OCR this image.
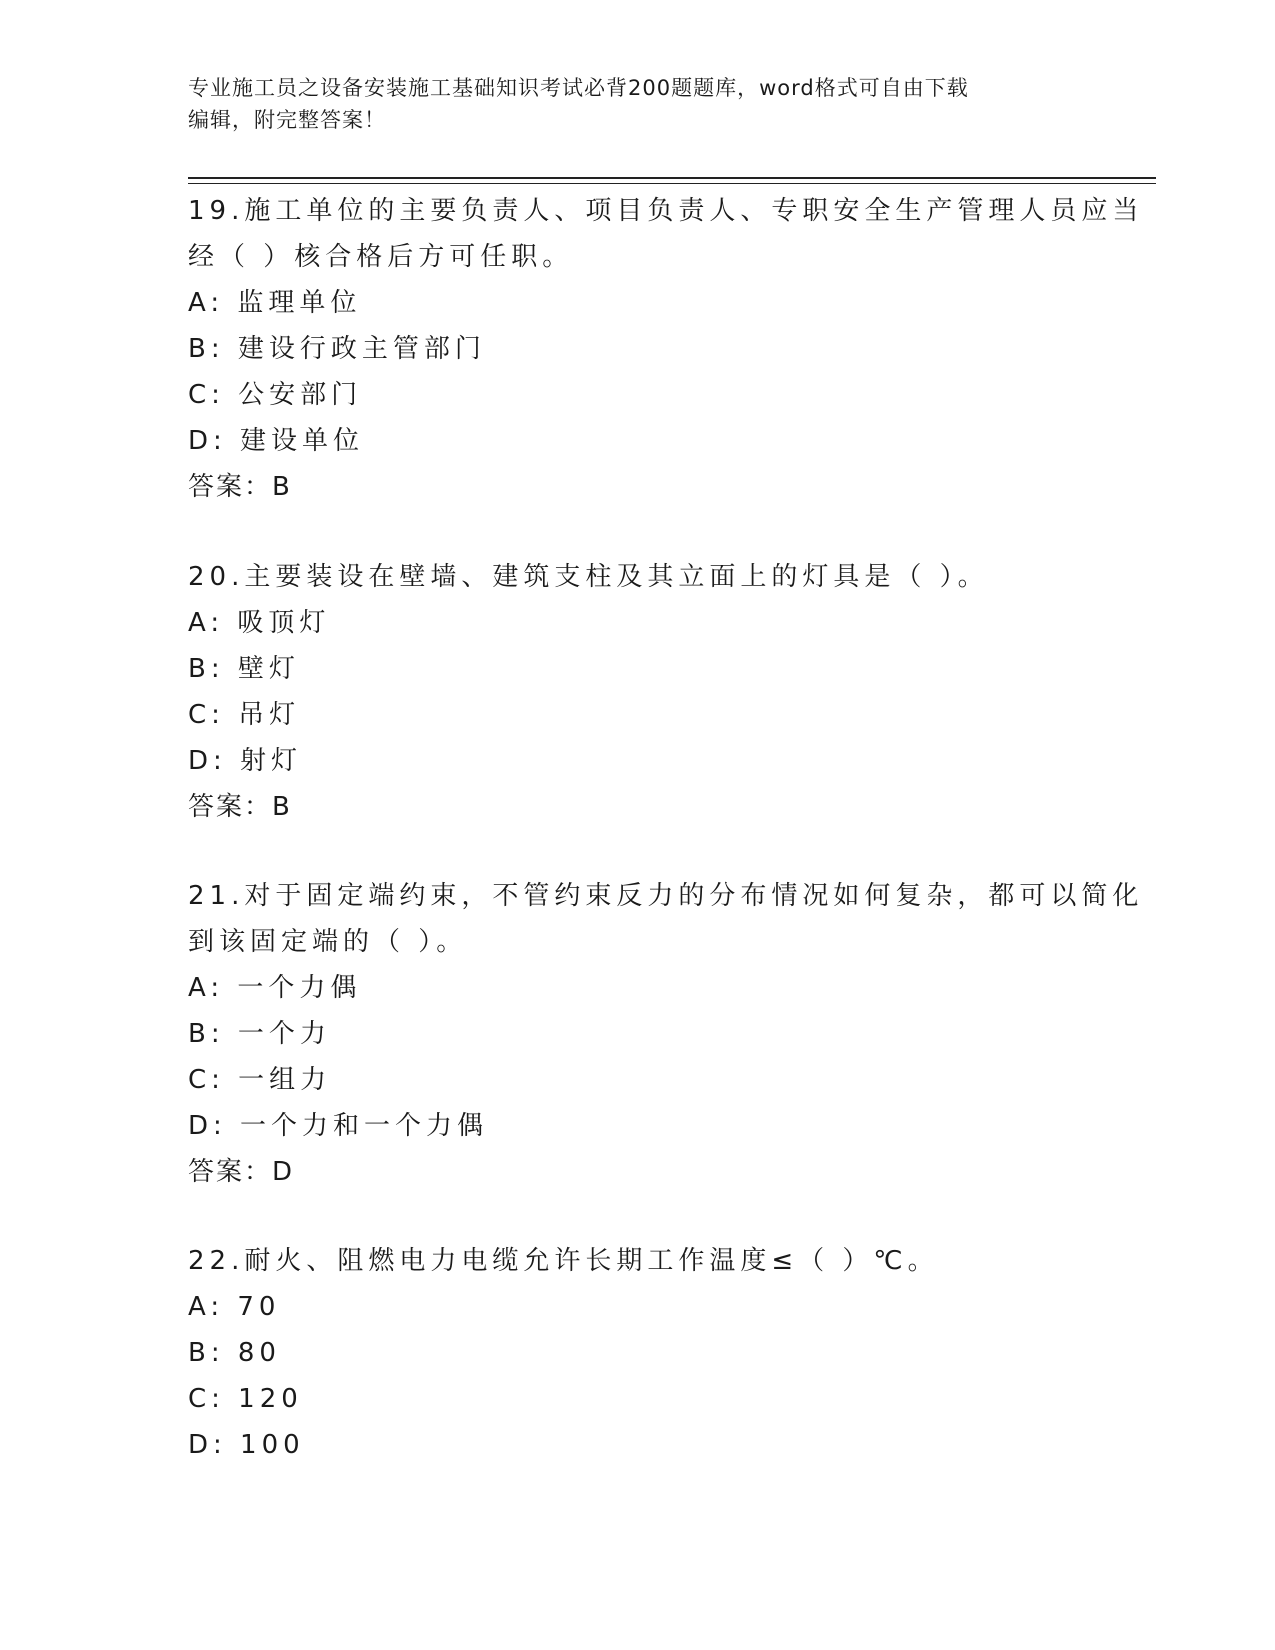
专业施工员之设备安装施工基础知识考试必背200题题库，word格式可自由下载
编辑，附完整答案！
19.施工单位的主要负责人、项目负责人、专职安全生产管理人员应当
经（ ）核合格后方可任职。
A: 监理单位
B: 建设行政主管部门
C: 公安部门
D: 建设单位
答案：B
20.主要装设在壁墙、建筑支柱及其立面上的灯具是（ ）。
A: 吸顶灯
B: 壁灯
C: 吊灯
D: 射灯
答案：B
21.对于固定端约束，不管约束反力的分布情况如何复杂，都可以简化
到该固定端的（ ）。
A: 一个力偶
B: 一个力
C: 一组力
D: 一个力和一个力偶
答案：D
22.耐火、阻燃电力电缆允许长期工作温度≤（ ）℃。
A: 70
B: 80
C: 120
D: 100
